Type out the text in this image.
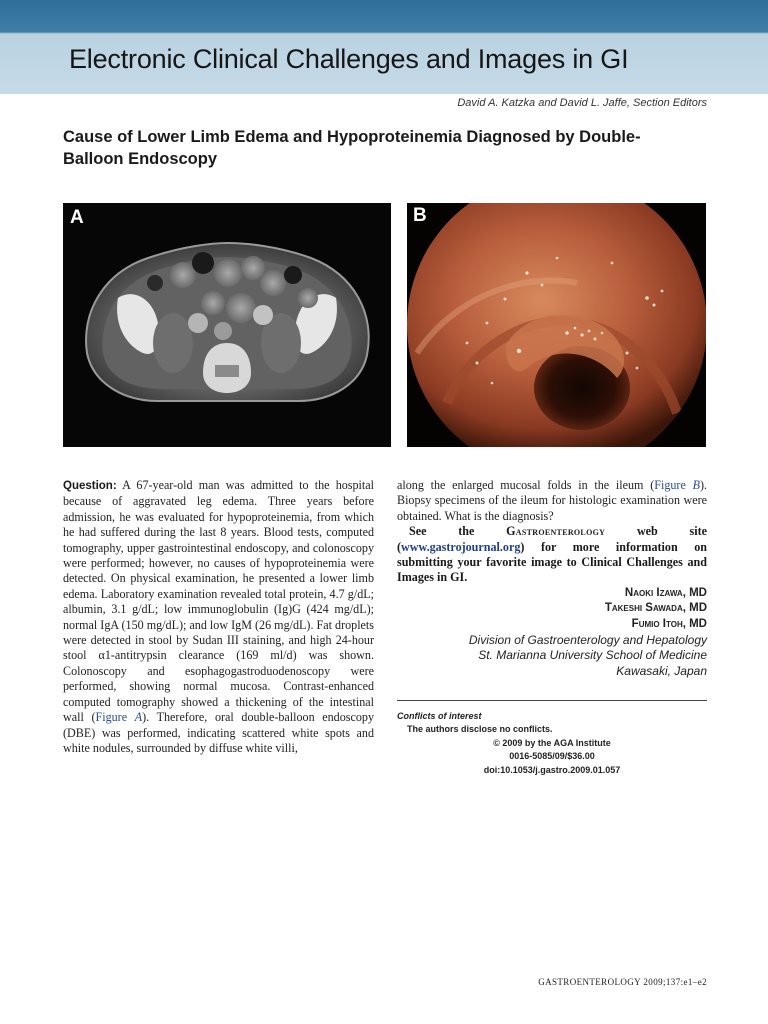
Electronic Clinical Challenges and Images in GI
David A. Katzka and David L. Jaffe, Section Editors
Cause of Lower Limb Edema and Hypoproteinemia Diagnosed by Double-Balloon Endoscopy
A	B

Question: A 67-year-old man was admitted to the hospital because of aggravated leg edema. Three years before admission, he was evaluated for hypoproteinemia, from which he had suffered during the last 8 years. Blood tests, computed tomography, upper gastrointestinal endoscopy, and colonoscopy were performed; however, no causes of hypoproteinemia were detected. On physical examination, he presented a lower limb edema. Laboratory examination revealed total protein, 4.7 g/dL; albumin, 3.1 g/dL; low immunoglobulin (Ig)G (424 mg/dL); normal IgA (150 mg/dL); and low IgM (26 mg/dL). Fat droplets were detected in stool by Sudan III staining, and high 24-hour stool α1-antitrypsin clearance (169 ml/d) was shown. Colonoscopy and esophagogastroduodenoscopy were performed, showing normal mucosa. Contrast-enhanced computed tomography showed a thickening of the intestinal wall (Figure A). Therefore, oral double-balloon endoscopy (DBE) was performed, indicating scattered white spots and white nodules, surrounded by diffuse white villi,

along the enlarged mucosal folds in the ileum (Figure B). Biopsy specimens of the ileum for histologic examination were obtained. What is the diagnosis?

See the Gastroenterology web site (www.gastrojournal.org) for more information on submitting your favorite image to Clinical Challenges and Images in GI.

Naoki Izawa, MD
Takeshi Sawada, MD
Fumio Itoh, MD
Division of Gastroenterology and Hepatology
St. Marianna University School of Medicine
Kawasaki, Japan
Conflicts of interest
The authors disclose no conflicts.
© 2009 by the AGA Institute
0016-5085/09/$36.00
doi:10.1053/j.gastro.2009.01.057
GASTROENTEROLOGY 2009;137:e1–e2
